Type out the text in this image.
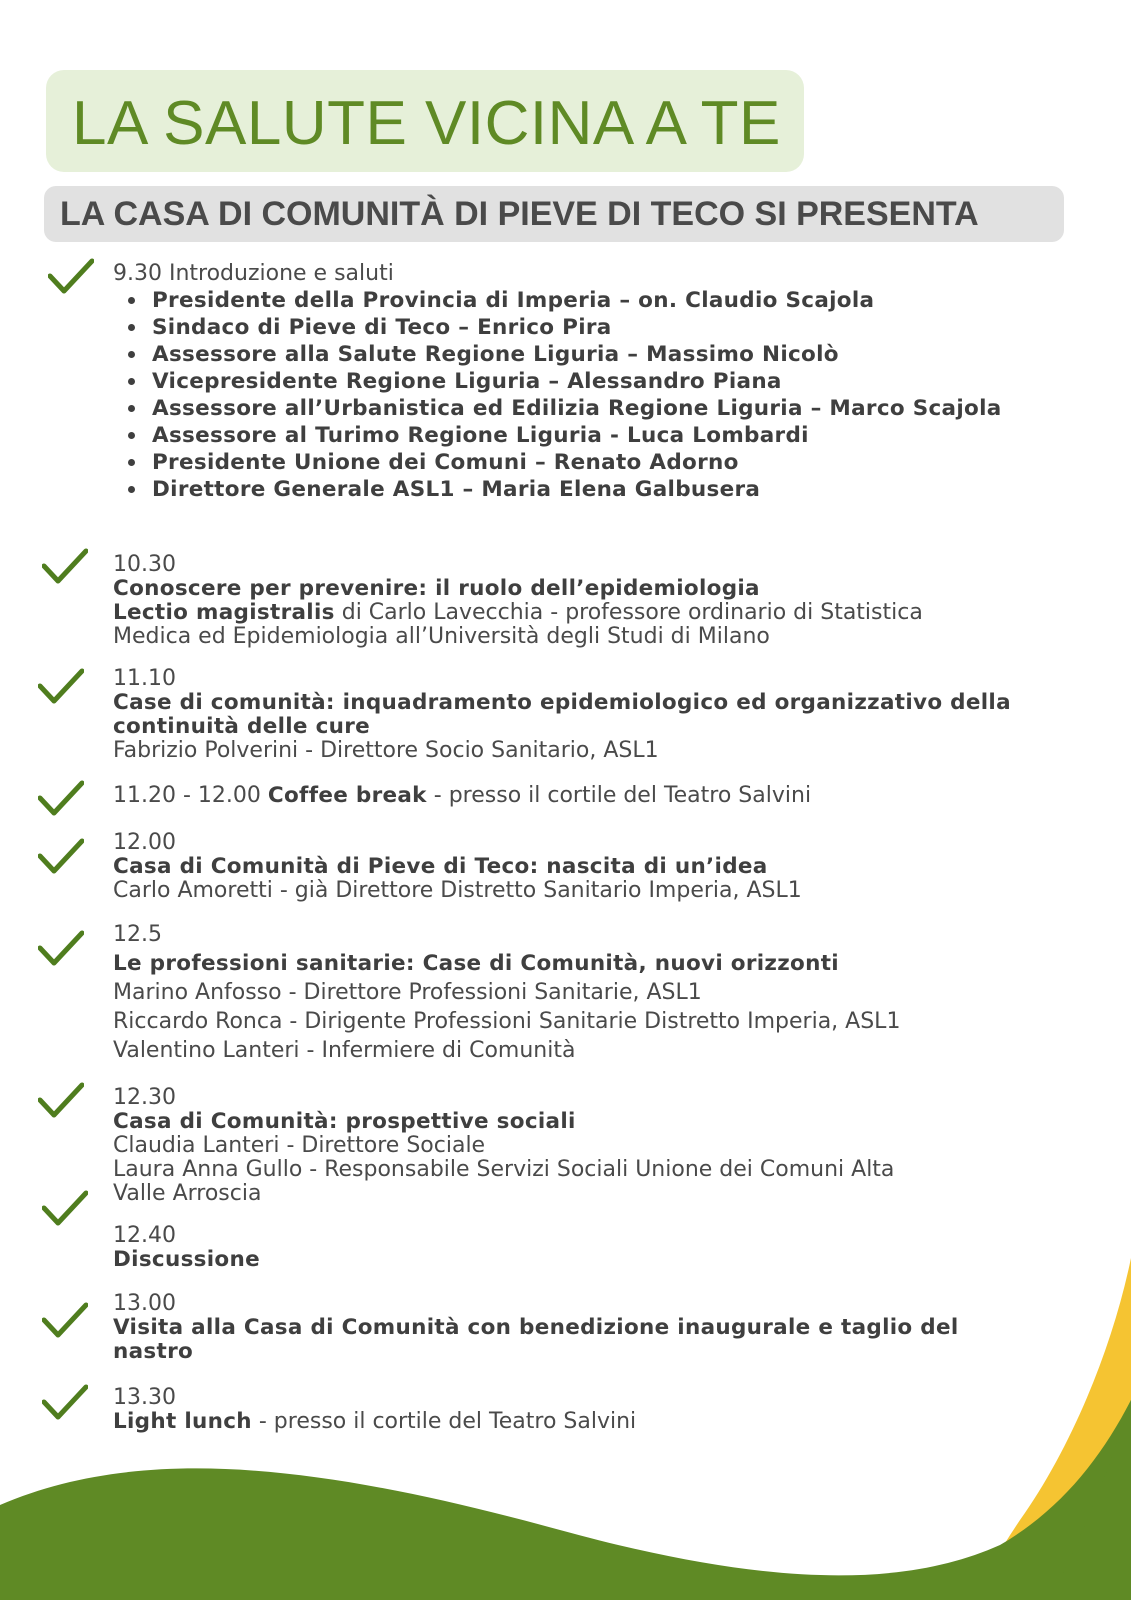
LA SALUTE VICINA A TE
LA CASA DI COMUNITÀ DI PIEVE DI TECO SI PRESENTA
9.30 Introduzione e saluti
Presidente della Provincia di Imperia – on. Claudio Scajola
Sindaco di Pieve di Teco – Enrico Pira
Assessore alla Salute Regione Liguria – Massimo Nicolò
Vicepresidente Regione Liguria – Alessandro Piana
Assessore all’Urbanistica ed Edilizia Regione Liguria – Marco Scajola
Assessore al Turimo Regione Liguria - Luca Lombardi
Presidente Unione dei Comuni – Renato Adorno
Direttore Generale ASL1 – Maria Elena Galbusera
10.30
Conoscere per prevenire: il ruolo dell’epidemiologia
Lectio magistralis di Carlo Lavecchia - professore ordinario di Statistica
Medica ed Epidemiologia all’Università degli Studi di Milano
11.10
Case di comunità: inquadramento epidemiologico ed organizzativo della
continuità delle cure
Fabrizio Polverini - Direttore Socio Sanitario, ASL1
11.20 - 12.00 Coffee break - presso il cortile del Teatro Salvini
12.00
Casa di Comunità di Pieve di Teco: nascita di un’idea
Carlo Amoretti - già Direttore Distretto Sanitario Imperia, ASL1
12.5
Le professioni sanitarie: Case di Comunità, nuovi orizzonti
Marino Anfosso - Direttore Professioni Sanitarie, ASL1
Riccardo Ronca - Dirigente Professioni Sanitarie Distretto Imperia, ASL1
Valentino Lanteri - Infermiere di Comunità
12.30
Casa di Comunità: prospettive sociali
Claudia Lanteri - Direttore Sociale
Laura Anna Gullo - Responsabile Servizi Sociali Unione dei Comuni Alta
Valle Arroscia
12.40
Discussione
13.00
Visita alla Casa di Comunità con benedizione inaugurale e taglio del
nastro
13.30
Light lunch - presso il cortile del Teatro Salvini
